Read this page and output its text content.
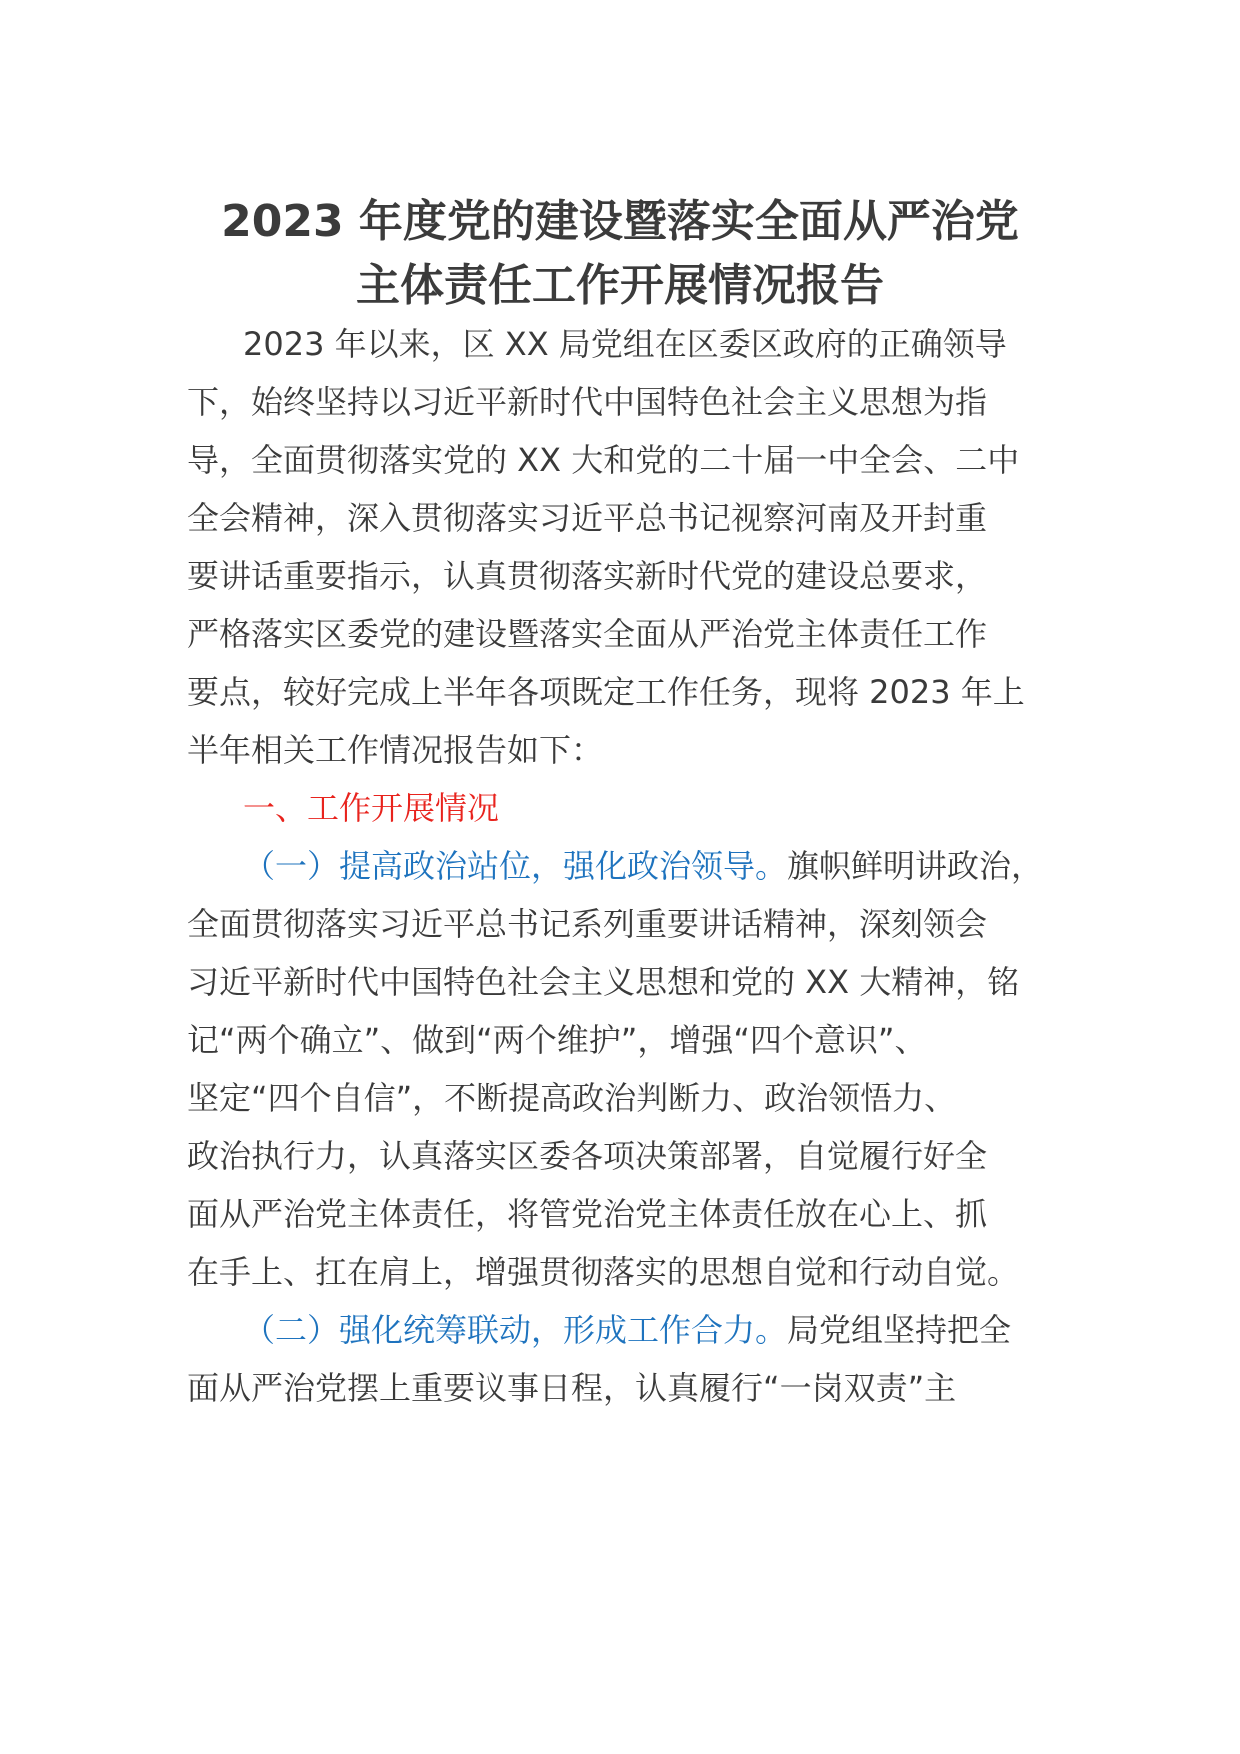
2023 年度党的建设暨落实全面从严治党
主体责任工作开展情况报告
2023 年以来，区 XX 局党组在区委区政府的正确领导
下，始终坚持以习近平新时代中国特色社会主义思想为指
导，全面贯彻落实党的 XX 大和党的二十届一中全会、二中
全会精神，深入贯彻落实习近平总书记视察河南及开封重
要讲话重要指示，认真贯彻落实新时代党的建设总要求，
严格落实区委党的建设暨落实全面从严治党主体责任工作
要点，较好完成上半年各项既定工作任务，现将 2023 年上
半年相关工作情况报告如下：
一、工作开展情况
（一）提高政治站位，强化政治领导。旗帜鲜明讲政治，
全面贯彻落实习近平总书记系列重要讲话精神，深刻领会
习近平新时代中国特色社会主义思想和党的 XX 大精神，铭
记“两个确立”、做到“两个维护”，增强“四个意识”、
坚定“四个自信”，不断提高政治判断力、政治领悟力、
政治执行力，认真落实区委各项决策部署，自觉履行好全
面从严治党主体责任，将管党治党主体责任放在心上、抓
在手上、扛在肩上，增强贯彻落实的思想自觉和行动自觉。
（二）强化统筹联动，形成工作合力。局党组坚持把全
面从严治党摆上重要议事日程，认真履行“一岗双责”主
